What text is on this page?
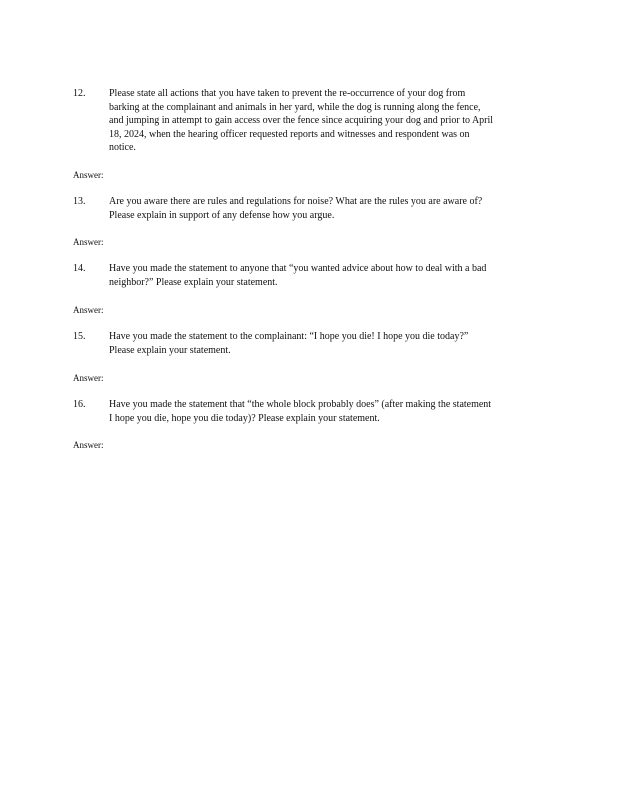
12. Please state all actions that you have taken to prevent the re-occurrence of your dog from
barking at the complainant and animals in her yard, while the dog is running along the fence,
and jumping in attempt to gain access over the fence since acquiring your dog and prior to April
18, 2024, when the hearing officer requested reports and witnesses and respondent was on
notice.
Answer:
13. Are you aware there are rules and regulations for noise? What are the rules you are aware of?
Please explain in support of any defense how you argue.
Answer:
14. Have you made the statement to anyone that “you wanted advice about how to deal with a bad
neighbor?” Please explain your statement.
Answer:
15. Have you made the statement to the complainant: “I hope you die! I hope you die today?”
Please explain your statement.
Answer:
16. Have you made the statement that “the whole block probably does” (after making the statement
I hope you die, hope you die today)? Please explain your statement.
Answer:
